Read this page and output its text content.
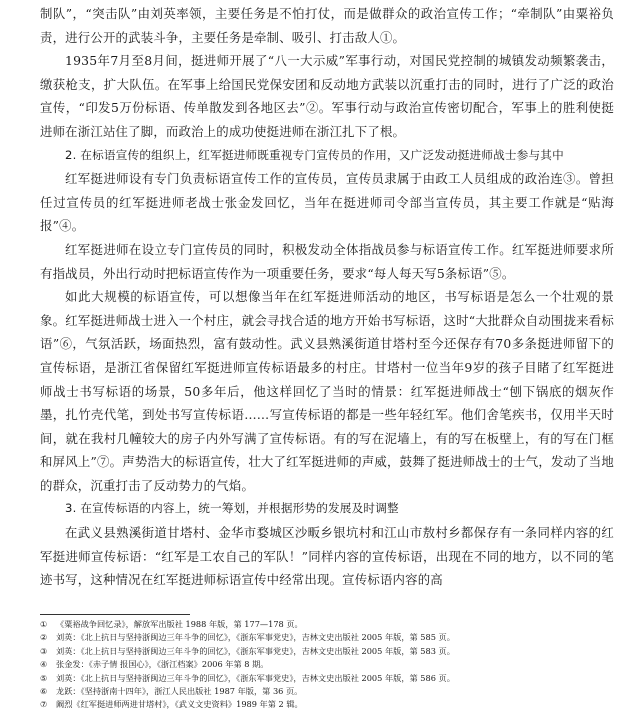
制队”，“突击队”由刘英率领，主要任务是不怕打仗，而是做群众的政治宣传工作；“牵制队”由粟裕负责，进行公开的武装斗争，主要任务是牵制、吸引、打击敌人①。

1935年7月至8月间，挺进师开展了“八一大示威”军事行动，对国民党控制的城镇发动频繁袭击，缴获枪支，扩大队伍。在军事上给国民党保安团和反动地方武装以沉重打击的同时，进行了广泛的政治宣传，“印发5万份标语、传单散发到各地区去”②。军事行动与政治宣传密切配合，军事上的胜利使挺进师在浙江站住了脚，而政治上的成功使挺进师在浙江扎下了根。

2. 在标语宣传的组织上，红军挺进师既重视专门宣传员的作用，又广泛发动挺进师战士参与其中

红军挺进师设有专门负责标语宣传工作的宣传员，宣传员隶属于由政工人员组成的政治连③。曾担任过宣传员的红军挺进师老战士张金发回忆，当年在挺进师司令部当宣传员，其主要工作就是“贴海报”④。

红军挺进师在设立专门宣传员的同时，积极发动全体指战员参与标语宣传工作。红军挺进师要求所有指战员，外出行动时把标语宣传作为一项重要任务，要求“每人每天写5条标语”⑤。

如此大规模的标语宣传，可以想像当年在红军挺进师活动的地区，书写标语是怎么一个壮观的景象。红军挺进师战士进入一个村庄，就会寻找合适的地方开始书写标语，这时“大批群众自动围拢来看标语”⑥，气氛活跃，场面热烈，富有鼓动性。武义县熟溪街道甘塔村至今还保存有70多条挺进师留下的宣传标语，是浙江省保留红军挺进师宣传标语最多的村庄。甘塔村一位当年9岁的孩子目睹了红军挺进师战士书写标语的场景，50多年后，他这样回忆了当时的情景：红军挺进师战士“刨下锅底的烟灰作墨，扎竹壳代笔，到处书写宣传标语……写宣传标语的都是一些年轻红军。他们舍笔疾书，仅用半天时间，就在我村几幢较大的房子内外写满了宣传标语。有的写在泥墙上，有的写在板壁上，有的写在门框和屏风上”⑦。声势浩大的标语宣传，壮大了红军挺进师的声威，鼓舞了挺进师战士的士气，发动了当地的群众，沉重打击了反动势力的气焰。

3. 在宣传标语的内容上，统一筹划，并根据形势的发展及时调整

在武义县熟溪街道甘塔村、金华市婺城区沙畈乡银坑村和江山市敖村乡都保存有一条同样内容的红军挺进师宣传标语：“红军是工农自己的军队！”同样内容的宣传标语，出现在不同的地方，以不同的笔迹书写，这种情况在红军挺进师标语宣传中经常出现。宣传标语内容的高

① 《粟裕战争回忆录》，解放军出版社 1988 年版，第 177—178 页。
② 刘英：《北上抗日与坚持浙闽边三年斗争的回忆》，《浙东军事党史》，吉林文史出版社 2005 年版，第 585 页。
③ 刘英：《北上抗日与坚持浙闽边三年斗争的回忆》，《浙东军事党史》，吉林文史出版社 2005 年版，第 583 页。
④ 张金发：《赤子情 报国心》，《浙江档案》2006 年第 8 期。
⑤ 刘英：《北上抗日与坚持浙闽边三年斗争的回忆》，《浙东军事党史》，吉林文史出版社 2005 年版，第 586 页。
⑥ 龙跃：《坚持浙南十四年》，浙江人民出版社 1987 年版，第 36 页。
⑦ 阚烈《红军挺进师两进甘塔村》，《武义文史资料》1989 年第 2 辑。
